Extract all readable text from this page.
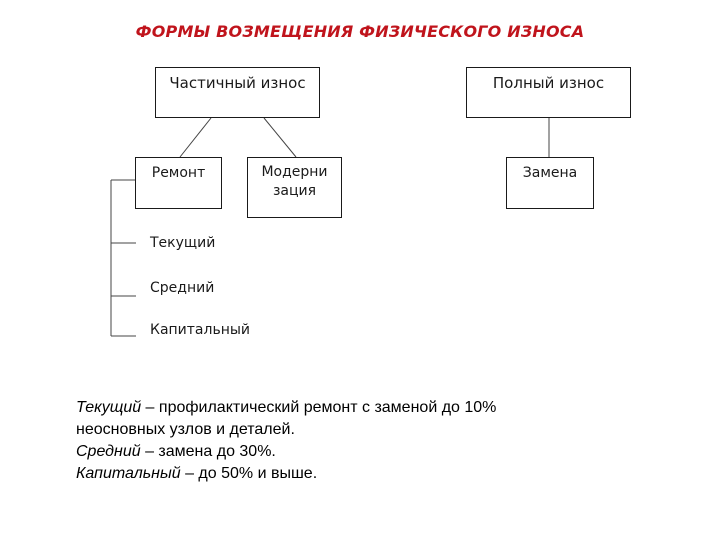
ФОРМЫ ВОЗМЕЩЕНИЯ ФИЗИЧЕСКОГО ИЗНОСА
Частичный износ	Полный износ
Ремонт	Модерни
зация
Замена
Текущий
Средний
Капитальный
Текущий – профилактический ремонт с заменой до 10%
неосновных узлов и деталей.
Средний – замена до 30%.
Капитальный – до 50% и выше.
